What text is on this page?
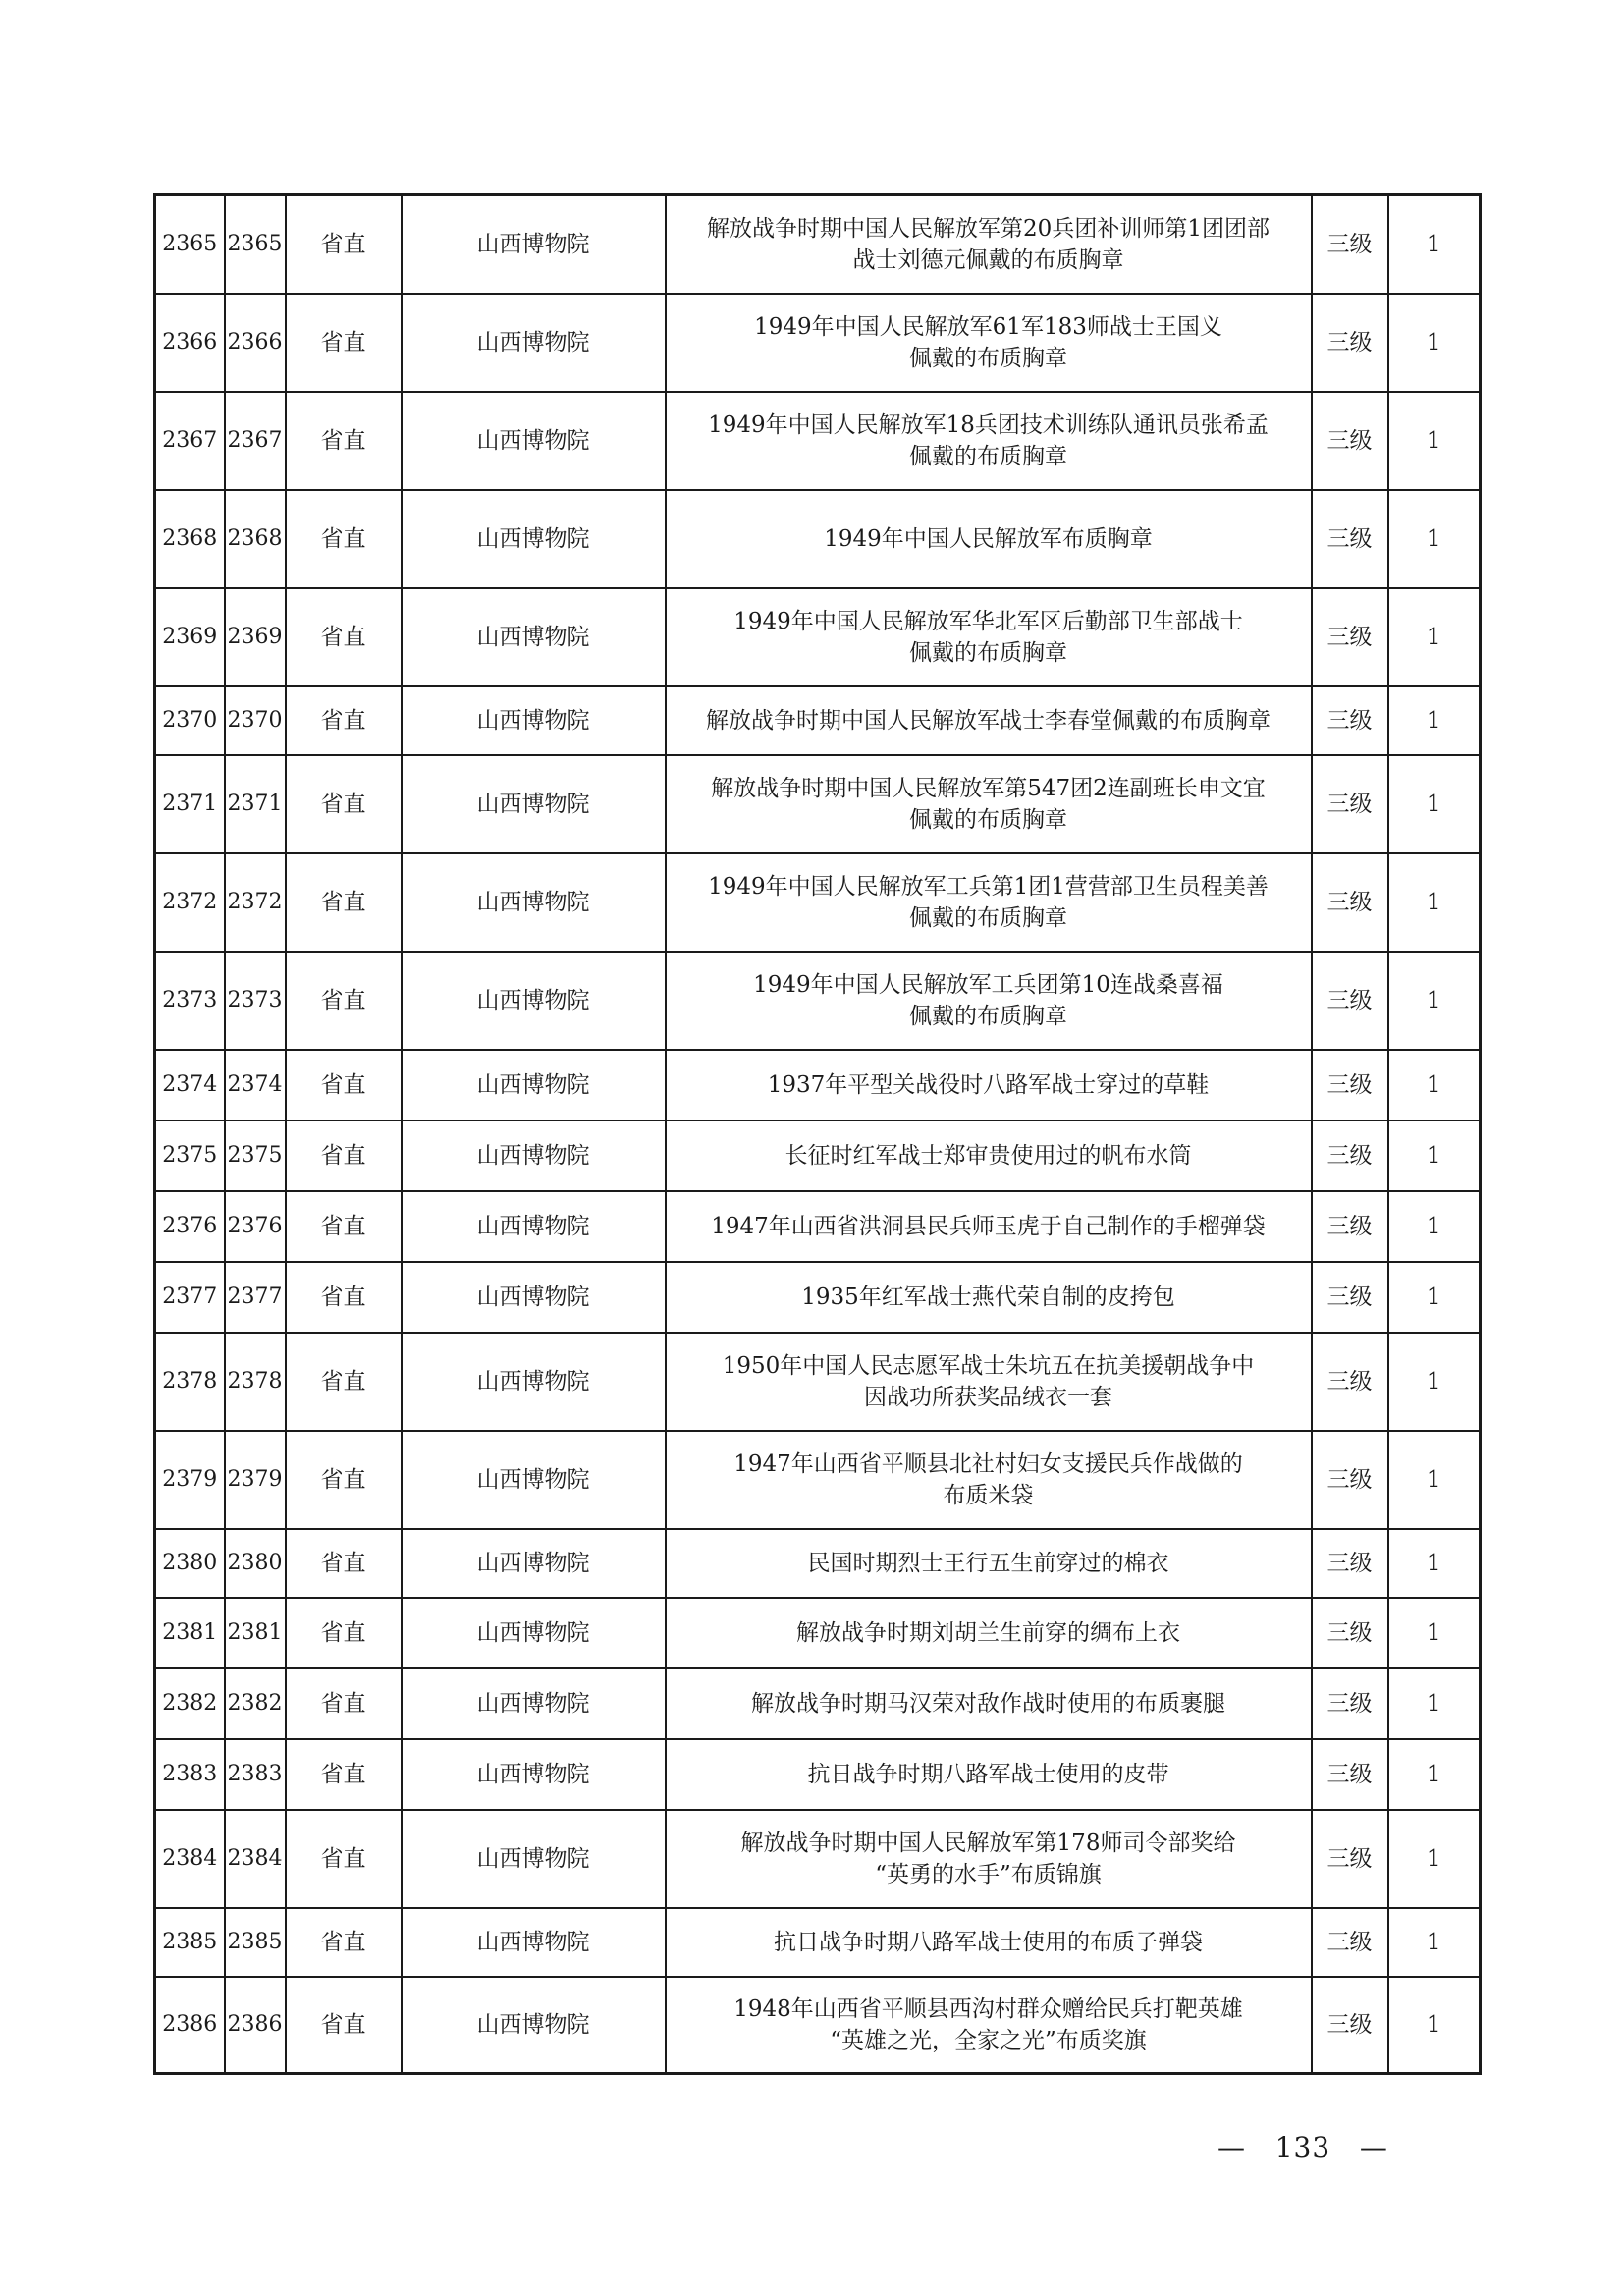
2365	2365	省直	山西博物院	解放战争时期中国人民解放军第20兵团补训师第1团团部
战士刘德元佩戴的布质胸章	三级	1
2366	2366	省直	山西博物院	1949年中国人民解放军61军183师战士王国义
佩戴的布质胸章	三级	1
2367	2367	省直	山西博物院	1949年中国人民解放军18兵团技术训练队通讯员张希孟
佩戴的布质胸章	三级	1
2368	2368	省直	山西博物院	1949年中国人民解放军布质胸章	三级	1
2369	2369	省直	山西博物院	1949年中国人民解放军华北军区后勤部卫生部战士
佩戴的布质胸章	三级	1
2370	2370	省直	山西博物院	解放战争时期中国人民解放军战士李春堂佩戴的布质胸章	三级	1
2371	2371	省直	山西博物院	解放战争时期中国人民解放军第547团2连副班长申文宜
佩戴的布质胸章	三级	1
2372	2372	省直	山西博物院	1949年中国人民解放军工兵第1团1营营部卫生员程美善
佩戴的布质胸章	三级	1
2373	2373	省直	山西博物院	1949年中国人民解放军工兵团第10连战桑喜福
佩戴的布质胸章	三级	1
2374	2374	省直	山西博物院	1937年平型关战役时八路军战士穿过的草鞋	三级	1
2375	2375	省直	山西博物院	长征时红军战士郑审贵使用过的帆布水筒	三级	1
2376	2376	省直	山西博物院	1947年山西省洪洞县民兵师玉虎于自己制作的手榴弹袋	三级	1
2377	2377	省直	山西博物院	1935年红军战士燕代荣自制的皮挎包	三级	1
2378	2378	省直	山西博物院	1950年中国人民志愿军战士朱坑五在抗美援朝战争中
因战功所获奖品绒衣一套	三级	1
2379	2379	省直	山西博物院	1947年山西省平顺县北社村妇女支援民兵作战做的
布质米袋	三级	1
2380	2380	省直	山西博物院	民国时期烈士王行五生前穿过的棉衣	三级	1
2381	2381	省直	山西博物院	解放战争时期刘胡兰生前穿的绸布上衣	三级	1
2382	2382	省直	山西博物院	解放战争时期马汉荣对敌作战时使用的布质裹腿	三级	1
2383	2383	省直	山西博物院	抗日战争时期八路军战士使用的皮带	三级	1
2384	2384	省直	山西博物院	解放战争时期中国人民解放军第178师司令部奖给
“英勇的水手”布质锦旗	三级	1
2385	2385	省直	山西博物院	抗日战争时期八路军战士使用的布质子弹袋	三级	1
2386	2386	省直	山西博物院	1948年山西省平顺县西沟村群众赠给民兵打靶英雄
“英雄之光，全家之光”布质奖旗	三级	1
— 133 —
